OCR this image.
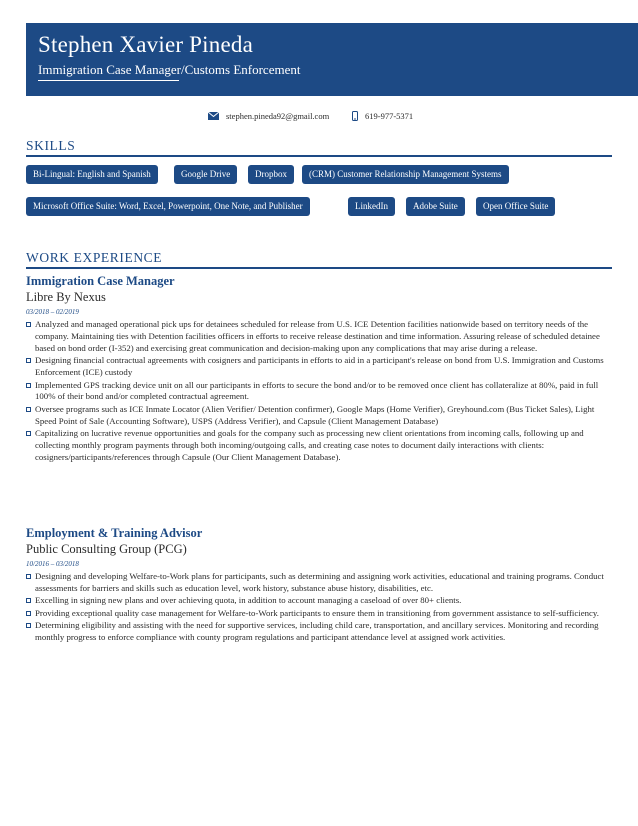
Stephen Xavier Pineda
Immigration Case Manager/Customs Enforcement
stephen.pineda92@gmail.com	619-977-5371
SKILLS
Bi-Lingual: English and Spanish	Google Drive	Dropbox	(CRM) Customer Relationship Management Systems
Microsoft Office Suite: Word, Excel, Powerpoint, One Note, and Publisher	LinkedIn	Adobe Suite	Open Office Suite
WORK EXPERIENCE
Immigration Case Manager
Libre By Nexus
03/2018 – 02/2019
Analyzed and managed operational pick ups for detainees scheduled for release from U.S. ICE Detention facilities nationwide based on territory needs of the company. Maintaining ties with Detention facilities officers in efforts to receive release destination and time information. Assuring release of scheduled detainee based on bond order (I-352) and exercising great communication and decision-making upon any complications that may arise during a release.
Designing financial contractual agreements with cosigners and participants in efforts to aid in a participant's release on bond from U.S. Immigration and Customs Enforcement (ICE) custody
Implemented GPS tracking device unit on all our participants in efforts to secure the bond and/or to be removed once client has collateralize at 80%, paid in full 100% of their bond and/or completed contractual agreement.
Oversee programs such as ICE Inmate Locator (Alien Verifier/ Detention confirmer), Google Maps (Home Verifier), Greyhound.com (Bus Ticket Sales), Light Speed Point of Sale (Accounting Software), USPS (Address Verifier), and Capsule (Client Management Database)
Capitalizing on lucrative revenue opportunities and goals for the company such as processing new client orientations from incoming calls, following up and collecting monthly program payments through both incoming/outgoing calls, and creating case notes to document daily interactions with clients: cosigners/participants/references through Capsule (Our Client Management Database).
Employment & Training Advisor
Public Consulting Group (PCG)
10/2016 – 03/2018
Designing and developing Welfare-to-Work plans for participants, such as determining and assigning work activities, educational and training programs. Conduct assessments for barriers and skills such as education level, work history, substance abuse history, disabilities, etc.
Excelling in signing new plans and over achieving quota, in addition to account managing a caseload of over 80+ clients.
Providing exceptional quality case management for Welfare-to-Work participants to ensure them in transitioning from government assistance to self-sufficiency.
Determining eligibility and assisting with the need for supportive services, including child care, transportation, and ancillary services. Monitoring and recording monthly progress to enforce compliance with county program regulations and participant attendance level at assigned work activities.
